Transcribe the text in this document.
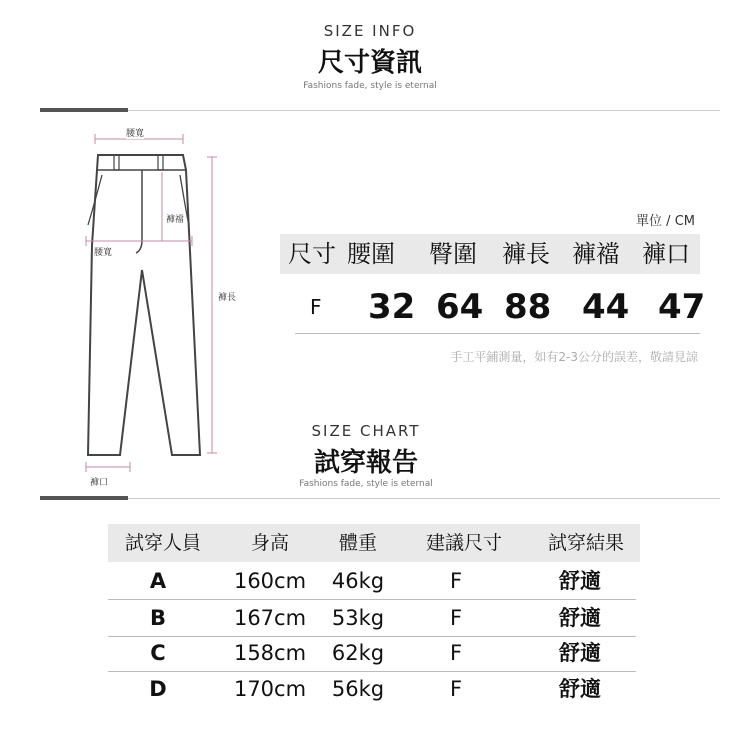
SIZE INFO
尺寸資訊
Fashions fade, style is eternal
腰寬
褲襠
腰寬
褲長
褲口
單位 / CM
尺寸 腰圍 臀圍 褲長 褲襠 褲口
F 32 64 88 44 47
手工平鋪測量，如有2-3公分的誤差，敬請見諒
SIZE CHART
試穿報告
Fashions fade, style is eternal
試穿人員	身高	體重	建議尺寸	試穿結果
A	160cm	46kg	F	舒適
B	167cm	53kg	F	舒適
C	158cm	62kg	F	舒適
D	170cm	56kg	F	舒適
